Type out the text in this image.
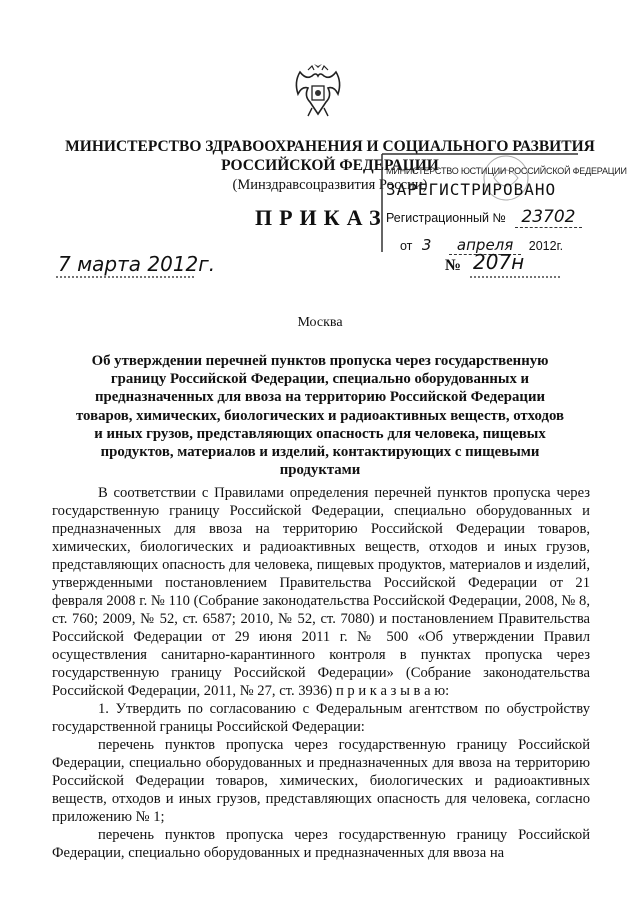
МИНИСТЕРСТВО ЗДРАВООХРАНЕНИЯ И СОЦИАЛЬНОГО РАЗВИТИЯ
РОССИЙСКОЙ ФЕДЕРАЦИИ
(Минздравсоцразвития России)
МИНИСТЕРСТВО ЮСТИЦИИ РОССИЙСКОЙ ФЕДЕРАЦИИ
ЗАРЕГИСТРИРОВАНО
Регистрационный № 23702
от 3 апреля 2012г.
ПРИКАЗ
7 марта 2012г.	№ 207н
Москва
Об утверждении перечней пунктов пропуска через государственную границу Российской Федерации, специально оборудованных и предназначенных для ввоза на территорию Российской Федерации товаров, химических, биологических и радиоактивных веществ, отходов и иных грузов, представляющих опасность для человека, пищевых продуктов, материалов и изделий, контактирующих с пищевыми продуктами

В соответствии с Правилами определения перечней пунктов пропуска через государственную границу Российской Федерации, специально оборудованных и предназначенных для ввоза на территорию Российской Федерации товаров, химических, биологических и радиоактивных веществ, отходов и иных грузов, представляющих опасность для человека, пищевых продуктов, материалов и изделий, утвержденными постановлением Правительства Российской Федерации от 21 февраля 2008 г. № 110 (Собрание законодательства Российской Федерации, 2008, № 8, ст. 760; 2009, № 52, ст. 6587; 2010, № 52, ст. 7080) и постановлением Правительства Российской Федерации от 29 июня 2011 г. № 500 «Об утверждении Правил осуществления санитарно-карантинного контроля в пунктах пропуска через государственную границу Российской Федерации» (Собрание законодательства Российской Федерации, 2011, № 27, ст. 3936) п р и к а з ы в а ю:

1. Утвердить по согласованию с Федеральным агентством по обустройству государственной границы Российской Федерации:

перечень пунктов пропуска через государственную границу Российской Федерации, специально оборудованных и предназначенных для ввоза на территорию Российской Федерации товаров, химических, биологических и радиоактивных веществ, отходов и иных грузов, представляющих опасность для человека, согласно приложению № 1;

перечень пунктов пропуска через государственную границу Российской Федерации, специально оборудованных и предназначенных для ввоза на
